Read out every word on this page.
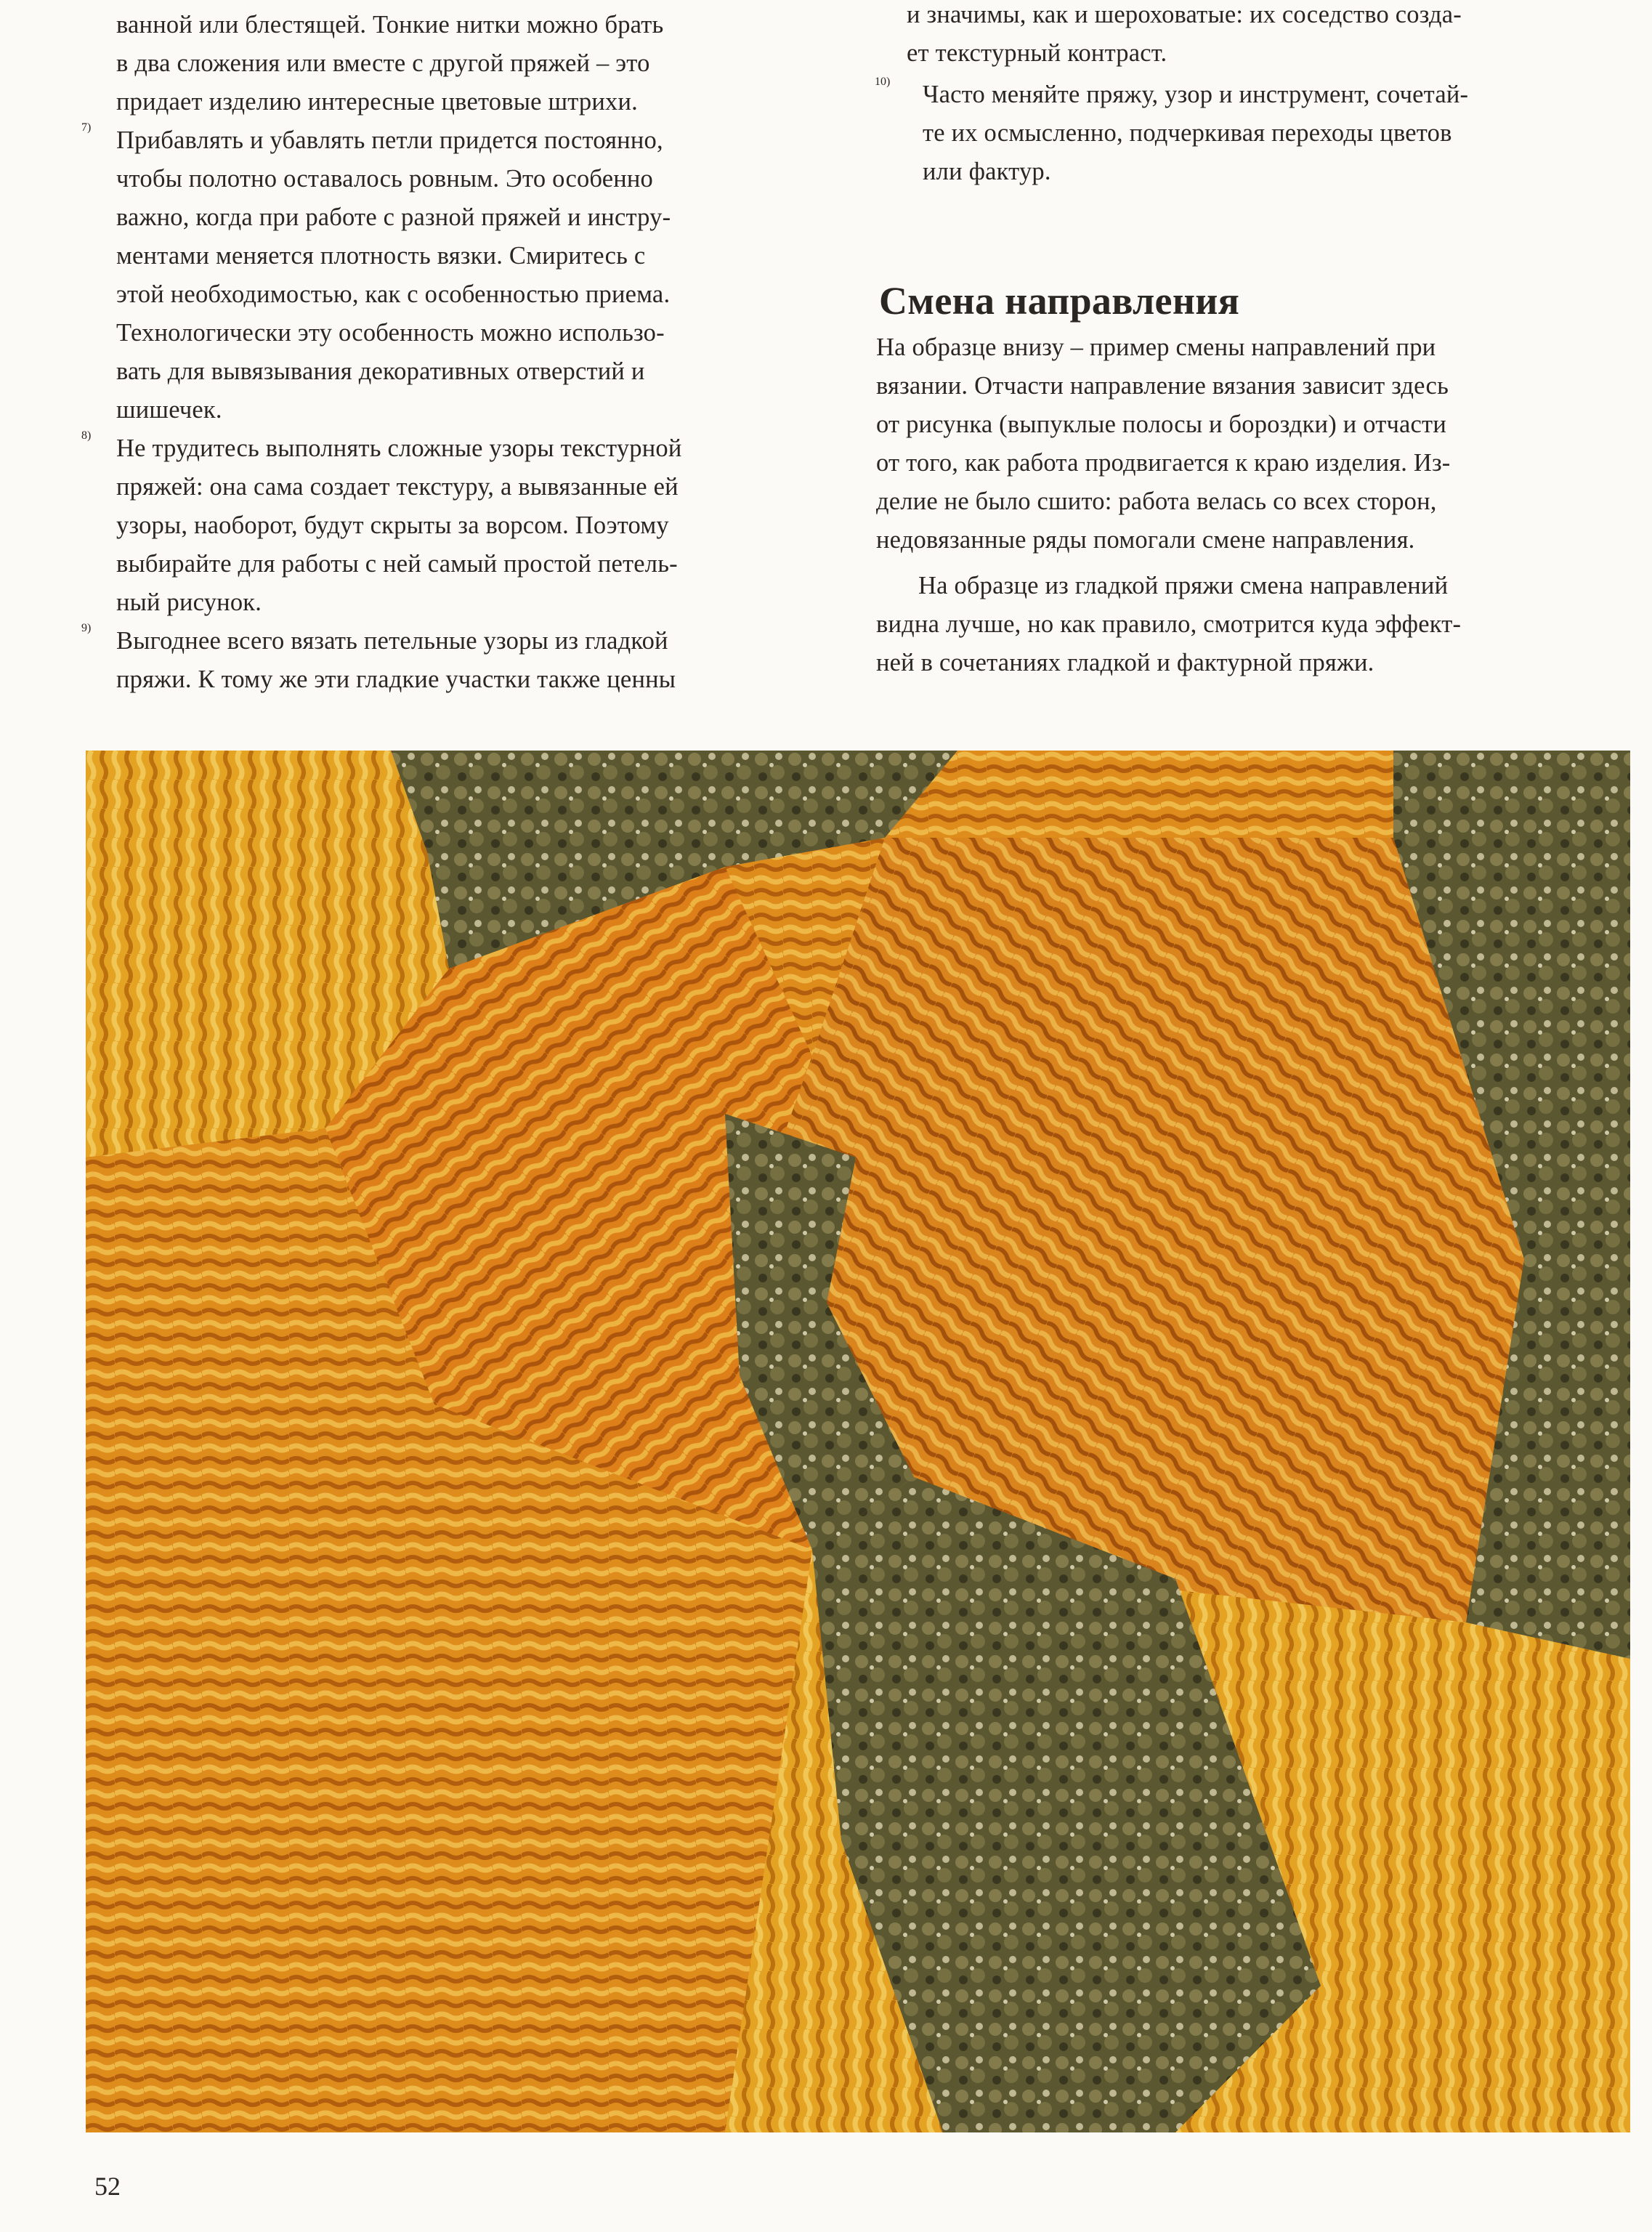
ванной или блестящей. Тонкие нитки можно брать

в два сложения или вместе с другой пряжей – это

придает изделию интересные цветовые штрихи.

7) Прибавлять и убавлять петли придется постоянно,

чтобы полотно оставалось ровным. Это особенно

важно, когда при работе с разной пряжей и инстру-

ментами меняется плотность вязки. Смиритесь с

этой необходимостью, как с особенностью приема.

Технологически эту особенность можно использо-

вать для вывязывания декоративных отверстий и

шишечек.

8) Не трудитесь выполнять сложные узоры текстурной

пряжей: она сама создает текстуру, а вывязанные ей

узоры, наоборот, будут скрыты за ворсом. Поэтому

выбирайте для работы с ней самый простой петель-

ный рисунок.

9) Выгоднее всего вязать петельные узоры из гладкой

пряжи. К тому же эти гладкие участки также ценны

и значимы, как и шероховатые: их соседство созда-

ет текстурный контраст.

10) Часто меняйте пряжу, узор и инструмент, сочетай-

те их осмысленно, подчеркивая переходы цветов

или фактур.

Смена направления

На образце внизу – пример смены направлений при

вязании. Отчасти направление вязания зависит здесь

от рисунка (выпуклые полосы и бороздки) и отчасти

от того, как работа продвигается к краю изделия. Из-

делие не было сшито: работа велась со всех сторон,

недовязанные ряды помогали смене направления.

На образце из гладкой пряжи смена направлений

видна лучше, но как правило, смотрится куда эффект-

ней в сочетаниях гладкой и фактурной пряжи.

52
